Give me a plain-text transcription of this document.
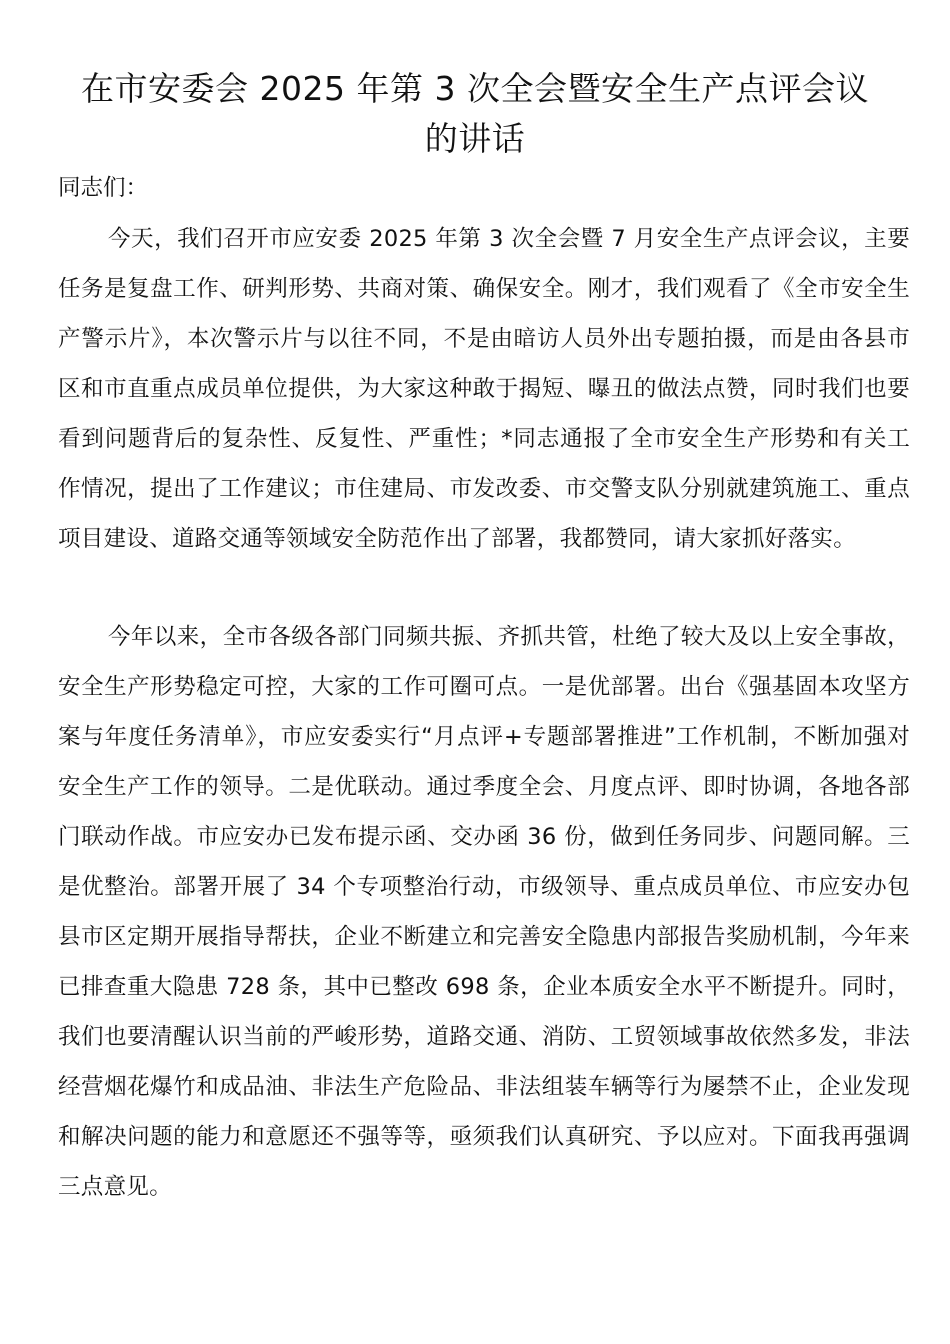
在市安委会 2025 年第 3 次全会暨安全生产点评会议
的讲话

同志们：

今天，我们召开市应安委 2025 年第 3 次全会暨 7 月安全生产点评会议，主要任务是复盘工作、研判形势、共商对策、确保安全。刚才，我们观看了《全市安全生产警示片》，本次警示片与以往不同，不是由暗访人员外出专题拍摄，而是由各县市区和市直重点成员单位提供，为大家这种敢于揭短、曝丑的做法点赞，同时我们也要看到问题背后的复杂性、反复性、严重性；*同志通报了全市安全生产形势和有关工作情况，提出了工作建议；市住建局、市发改委、市交警支队分别就建筑施工、重点项目建设、道路交通等领域安全防范作出了部署，我都赞同，请大家抓好落实。

今年以来，全市各级各部门同频共振、齐抓共管，杜绝了较大及以上安全事故，安全生产形势稳定可控，大家的工作可圈可点。一是优部署。出台《强基固本攻坚方案与年度任务清单》，市应安委实行“月点评+专题部署推进”工作机制，不断加强对安全生产工作的领导。二是优联动。通过季度全会、月度点评、即时协调，各地各部门联动作战。市应安办已发布提示函、交办函 36 份，做到任务同步、问题同解。三是优整治。部署开展了 34 个专项整治行动，市级领导、重点成员单位、市应安办包县市区定期开展指导帮扶，企业不断建立和完善安全隐患内部报告奖励机制，今年来已排查重大隐患 728 条，其中已整改 698 条，企业本质安全水平不断提升。同时，我们也要清醒认识当前的严峻形势，道路交通、消防、工贸领域事故依然多发，非法经营烟花爆竹和成品油、非法生产危险品、非法组装车辆等行为屡禁不止，企业发现和解决问题的能力和意愿还不强等等，亟须我们认真研究、予以应对。下面我再强调三点意见。
